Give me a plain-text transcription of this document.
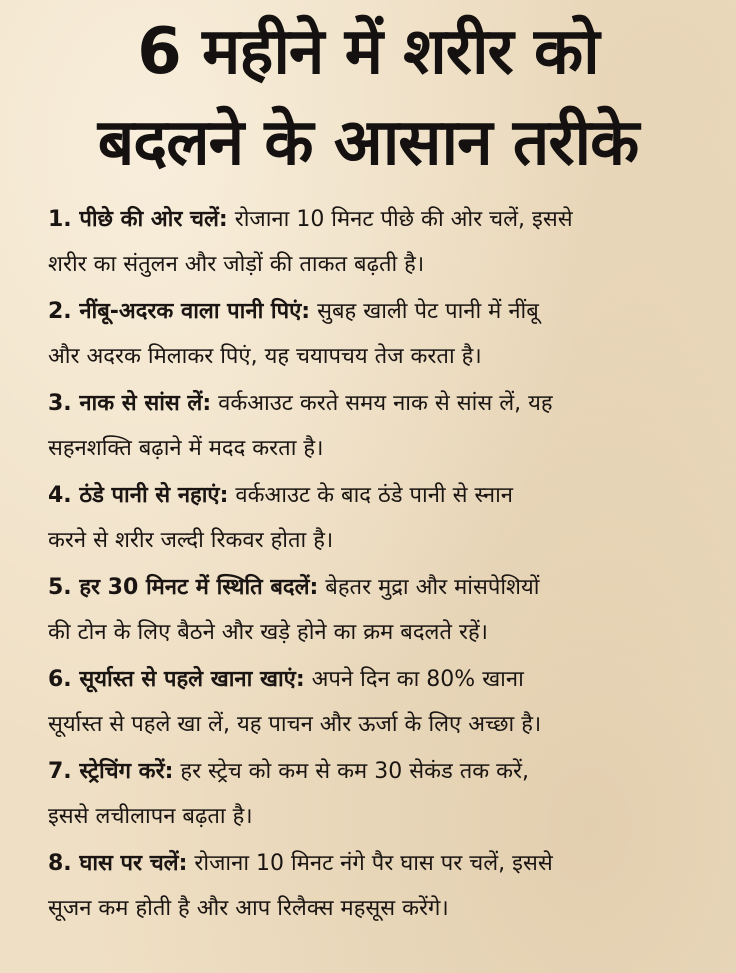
6 महीने में शरीर को
बदलने के आसान तरीके
1. पीछे की ओर चलें: रोजाना 10 मिनट पीछे की ओर चलें, इससे
शरीर का संतुलन और जोड़ों की ताकत बढ़ती है।
2. नींबू-अदरक वाला पानी पिएं: सुबह खाली पेट पानी में नींबू
और अदरक मिलाकर पिएं, यह चयापचय तेज करता है।
3. नाक से सांस लें: वर्कआउट करते समय नाक से सांस लें, यह
सहनशक्ति बढ़ाने में मदद करता है।
4. ठंडे पानी से नहाएं: वर्कआउट के बाद ठंडे पानी से स्नान
करने से शरीर जल्दी रिकवर होता है।
5. हर 30 मिनट में स्थिति बदलें: बेहतर मुद्रा और मांसपेशियों
की टोन के लिए बैठने और खड़े होने का क्रम बदलते रहें।
6. सूर्यास्त से पहले खाना खाएं: अपने दिन का 80% खाना
सूर्यास्त से पहले खा लें, यह पाचन और ऊर्जा के लिए अच्छा है।
7. स्ट्रेचिंग करें: हर स्ट्रेच को कम से कम 30 सेकंड तक करें,
इससे लचीलापन बढ़ता है।
8. घास पर चलें: रोजाना 10 मिनट नंगे पैर घास पर चलें, इससे
सूजन कम होती है और आप रिलैक्स महसूस करेंगे।
